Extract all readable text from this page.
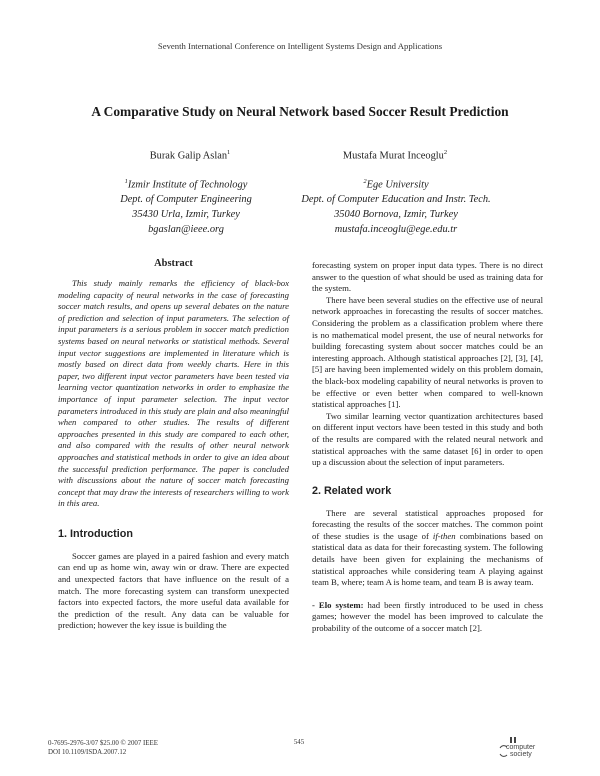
Seventh International Conference on Intelligent Systems Design and Applications
A Comparative Study on Neural Network based Soccer Result Prediction
Burak Galip Aslan$^1$	Mustafa Murat Inceoglu$^2$
$^1$Izmir Institute of Technology
Dept. of Computer Engineering
35430 Urla, Izmir, Turkey
bgaslan@ieee.org
$^2$Ege University
Dept. of Computer Education and Instr. Tech.
35040 Bornova, Izmir, Turkey
mustafa.inceoglu@ege.edu.tr

Abstract

This study mainly remarks the efficiency of black-box modeling capacity of neural networks in the case of forecasting soccer match results, and opens up several debates on the nature of prediction and selection of input parameters. The selection of input parameters is a serious problem in soccer match prediction systems based on neural networks or statistical methods. Several input vector suggestions are implemented in literature which is mostly based on direct data from weekly charts. Here in this paper, two different input vector parameters have been tested via learning vector quantization networks in order to emphasize the importance of input parameter selection. The input vector parameters introduced in this study are plain and also meaningful when compared to other studies. The results of different approaches presented in this study are compared to each other, and also compared with the results of other neural network approaches and statistical methods in order to give an idea about the successful prediction performance. The paper is concluded with discussions about the nature of soccer match forecasting concept that may draw the interests of researchers willing to work in this area.

1. Introduction

Soccer games are played in a paired fashion and every match can end up as home win, away win or draw. There are expected and unexpected factors that have influence on the result of a match. The more forecasting system can transform unexpected factors into expected factors, the more useful data available for the prediction of the result. Any data can be valuable for prediction; however the key issue is building the

forecasting system on proper input data types. There is no direct answer to the question of what should be used as training data for the system.

There have been several studies on the effective use of neural network approaches in forecasting the results of soccer matches. Considering the problem as a classification problem where there is no mathematical model present, the use of neural networks for building forecasting system about soccer matches could be an interesting approach. Although statistical approaches [2], [3], [4], [5] are having been implemented widely on this problem domain, the black-box modeling capability of neural networks is proven to be effective or even better when compared to well-known statistical approaches [1].

Two similar learning vector quantization architectures based on different input vectors have been tested in this study and both of the results are compared with the related neural network and statistical approaches with the same dataset [6] in order to open up a discussion about the selection of input parameters.

2. Related work

There are several statistical approaches proposed for forecasting the results of the soccer matches. The common point of these studies is the usage of if-then combinations based on statistical data as data for their forecasting system. The following details have been given for explaining the mechanisms of statistical approaches while considering team A playing against team B, where; team A is home team, and team B is away team.

- Elo system: had been firstly introduced to be used in chess games; however the model has been improved to calculate the probability of the outcome of a soccer match [2].

0-7695-2976-3/07 $25.00 © 2007 IEEE
DOI 10.1109/ISDA.2007.12
545
computer
society
